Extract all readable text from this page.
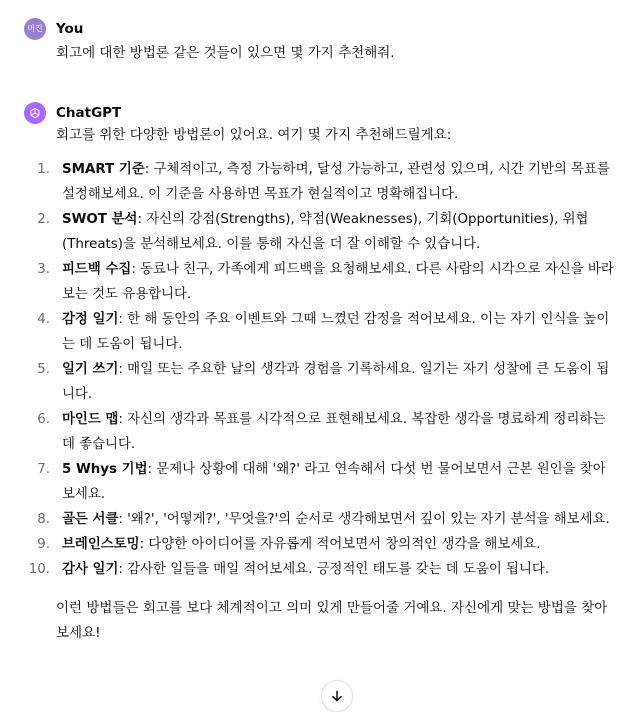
미진 You
회고에 대한 방법론 같은 것들이 있으면 몇 가지 추천해줘.
ChatGPT
회고를 위한 다양한 방법론이 있어요. 여기 몇 가지 추천해드릴게요:
1. SMART 기준: 구체적이고, 측정 가능하며, 달성 가능하고, 관련성 있으며, 시간 기반의 목표를 설정해보세요. 이 기준을 사용하면 목표가 현실적이고 명확해집니다.
2. SWOT 분석: 자신의 강점(Strengths), 약점(Weaknesses), 기회(Opportunities), 위협(Threats)을 분석해보세요. 이를 통해 자신을 더 잘 이해할 수 있습니다.
3. 피드백 수집: 동료나 친구, 가족에게 피드백을 요청해보세요. 다른 사람의 시각으로 자신을 바라보는 것도 유용합니다.
4. 감정 일기: 한 해 동안의 주요 이벤트와 그때 느꼈던 감정을 적어보세요. 이는 자기 인식을 높이는 데 도움이 됩니다.
5. 일기 쓰기: 매일 또는 주요한 날의 생각과 경험을 기록하세요. 일기는 자기 성찰에 큰 도움이 됩니다.
6. 마인드 맵: 자신의 생각과 목표를 시각적으로 표현해보세요. 복잡한 생각을 명료하게 정리하는 데 좋습니다.
7. 5 Whys 기법: 문제나 상황에 대해 '왜?' 라고 연속해서 다섯 번 물어보면서 근본 원인을 찾아보세요.
8. 골든 서클: '왜?', '어떻게?', '무엇을?'의 순서로 생각해보면서 깊이 있는 자기 분석을 해보세요.
9. 브레인스토밍: 다양한 아이디어를 자유롭게 적어보면서 창의적인 생각을 해보세요.
10. 감사 일기: 감사한 일들을 매일 적어보세요. 긍정적인 태도를 갖는 데 도움이 됩니다.
이런 방법들은 회고를 보다 체계적이고 의미 있게 만들어줄 거예요. 자신에게 맞는 방법을 찾아보세요!
